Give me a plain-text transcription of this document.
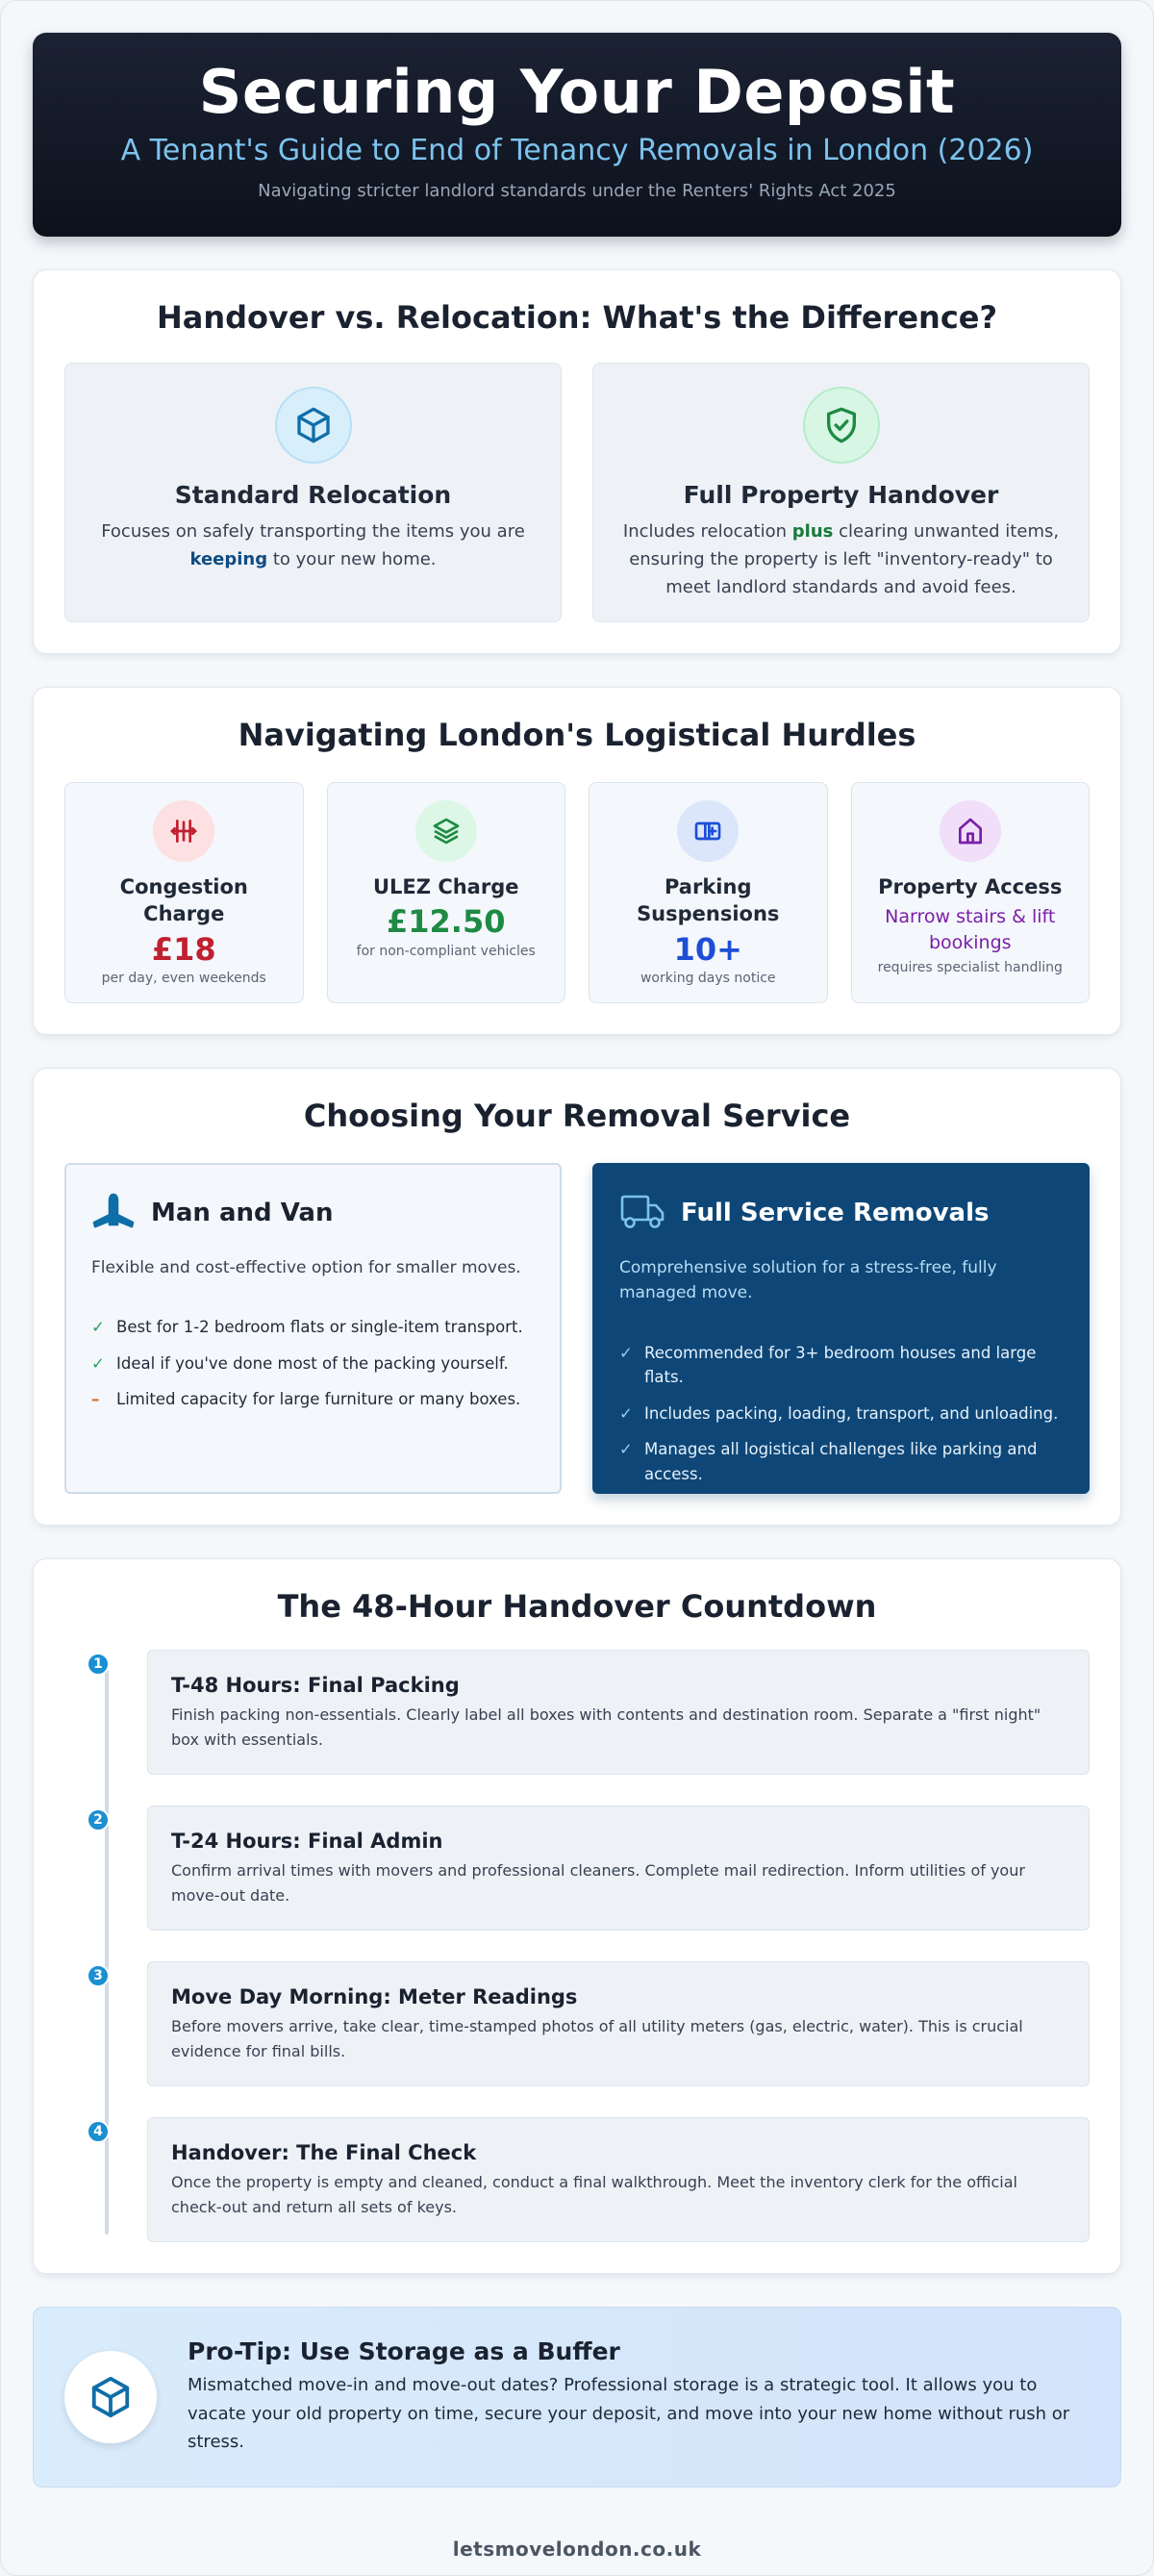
Securing Your Deposit
A Tenant's Guide to End of Tenancy Removals in London (2026)

Navigating stricter landlord standards under the Renters' Rights Act 2025

Handover vs. Relocation: What's the Difference?
Standard Relocation

Focuses on safely transporting the items you are keeping to your new home.

Full Property Handover

Includes relocation plus clearing unwanted items, ensuring the property is left "inventory-ready" to meet landlord standards and avoid fees.

Navigating London's Logistical Hurdles
Congestion Charge
£18
per day, even weekends
ULEZ Charge
£12.50
for non-compliant vehicles
Parking Suspensions
10+
working days notice
Property Access
Narrow stairs & lift bookings
requires specialist handling
Choosing Your Removal Service
Man and Van

Flexible and cost-effective option for smaller moves.

✓ Best for 1-2 bedroom flats or single-item transport.
✓ Ideal if you've done most of the packing yourself.
–	Limited capacity for large furniture or many boxes.
Full Service Removals

Comprehensive solution for a stress-free, fully managed move.

✓ Recommended for 3+ bedroom houses and large flats.
✓ Includes packing, loading, transport, and unloading.
✓ Manages all logistical challenges like parking and access.
The 48-Hour Handover Countdown
1
T-48 Hours: Final Packing

Finish packing non-essentials. Clearly label all boxes with contents and destination room. Separate a "first night" box with essentials.

2
T-24 Hours: Final Admin

Confirm arrival times with movers and professional cleaners. Complete mail redirection. Inform utilities of your move-out date.

3
Move Day Morning: Meter Readings

Before movers arrive, take clear, time-stamped photos of all utility meters (gas, electric, water). This is crucial evidence for final bills.

4
Handover: The Final Check

Once the property is empty and cleaned, conduct a final walkthrough. Meet the inventory clerk for the official check-out and return all sets of keys.

Pro-Tip: Use Storage as a Buffer

Mismatched move-in and move-out dates? Professional storage is a strategic tool. It allows you to vacate your old property on time, secure your deposit, and move into your new home without rush or stress.

letsmovelondon.co.uk
